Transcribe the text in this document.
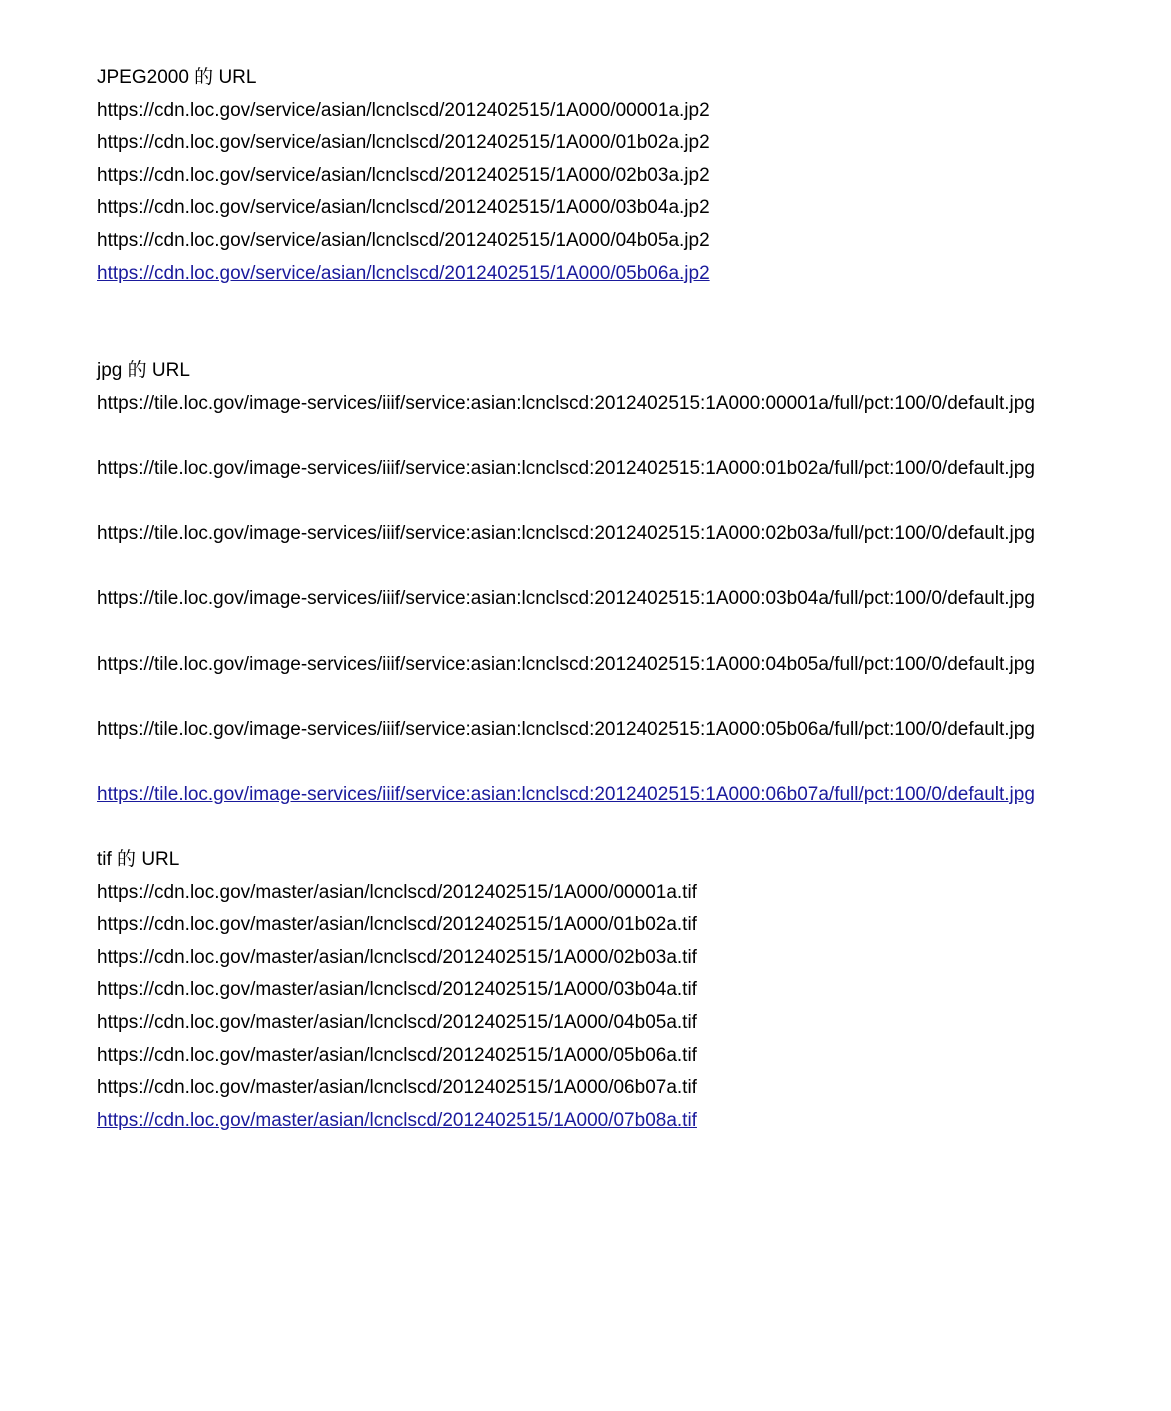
JPEG2000 的 URL

https://cdn.loc.gov/service/asian/lcnclscd/2012402515/1A000/00001a.jp2

https://cdn.loc.gov/service/asian/lcnclscd/2012402515/1A000/01b02a.jp2

https://cdn.loc.gov/service/asian/lcnclscd/2012402515/1A000/02b03a.jp2

https://cdn.loc.gov/service/asian/lcnclscd/2012402515/1A000/03b04a.jp2

https://cdn.loc.gov/service/asian/lcnclscd/2012402515/1A000/04b05a.jp2

https://cdn.loc.gov/service/asian/lcnclscd/2012402515/1A000/05b06a.jp2

jpg 的 URL

https://tile.loc.gov/image-services/iiif/service:asian:lcnclscd:2012402515:1A000:00001a/full/pct:100/0/default.jpg

https://tile.loc.gov/image-services/iiif/service:asian:lcnclscd:2012402515:1A000:01b02a/full/pct:100/0/default.jpg

https://tile.loc.gov/image-services/iiif/service:asian:lcnclscd:2012402515:1A000:02b03a/full/pct:100/0/default.jpg

https://tile.loc.gov/image-services/iiif/service:asian:lcnclscd:2012402515:1A000:03b04a/full/pct:100/0/default.jpg

https://tile.loc.gov/image-services/iiif/service:asian:lcnclscd:2012402515:1A000:04b05a/full/pct:100/0/default.jpg

https://tile.loc.gov/image-services/iiif/service:asian:lcnclscd:2012402515:1A000:05b06a/full/pct:100/0/default.jpg

https://tile.loc.gov/image-services/iiif/service:asian:lcnclscd:2012402515:1A000:06b07a/full/pct:100/0/default.jpg

tif 的 URL

https://cdn.loc.gov/master/asian/lcnclscd/2012402515/1A000/00001a.tif

https://cdn.loc.gov/master/asian/lcnclscd/2012402515/1A000/01b02a.tif

https://cdn.loc.gov/master/asian/lcnclscd/2012402515/1A000/02b03a.tif

https://cdn.loc.gov/master/asian/lcnclscd/2012402515/1A000/03b04a.tif

https://cdn.loc.gov/master/asian/lcnclscd/2012402515/1A000/04b05a.tif

https://cdn.loc.gov/master/asian/lcnclscd/2012402515/1A000/05b06a.tif

https://cdn.loc.gov/master/asian/lcnclscd/2012402515/1A000/06b07a.tif

https://cdn.loc.gov/master/asian/lcnclscd/2012402515/1A000/07b08a.tif
